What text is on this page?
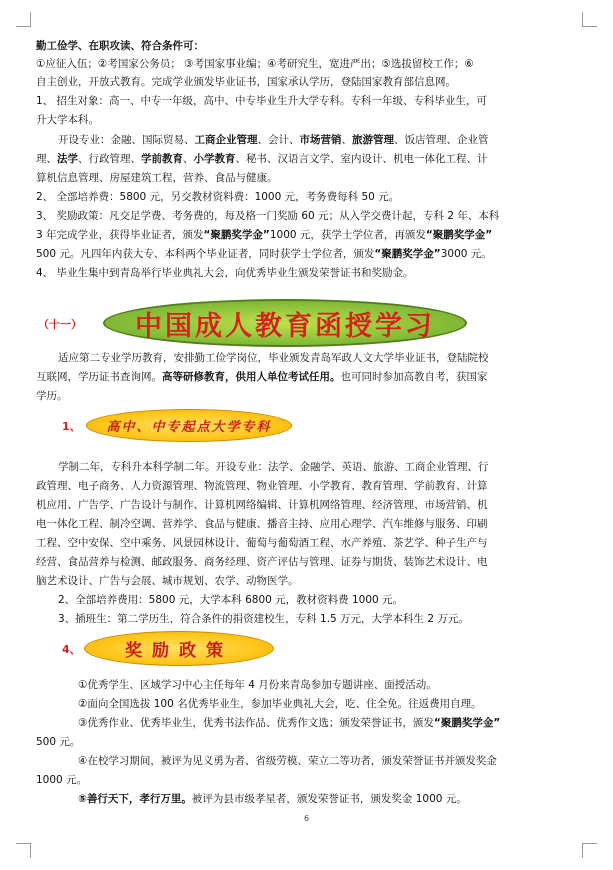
勤工俭学、在职攻读、符合条件可：
①应征入伍；②考国家公务员； ③考国家事业编；④考研究生，宽进严出；⑤选拔留校工作；⑥
自主创业，开放式教育。完成学业颁发毕业证书，国家承认学历，登陆国家教育部信息网。
1、 招生对象：高一、中专一年级，高中、中专毕业生升大学专科。专科一年级、专科毕业生，可
升大学本科。
开设专业：金融、国际贸易、工商企业管理、会计、市场营销、旅游管理、饭店管理、企业管
理、法学、行政管理、学前教育、小学教育、秘书、汉语言文学、室内设计、机电一体化工程、计
算机信息管理、房屋建筑工程，营养、食品与健康。
2、 全部培养费：5800 元，另交教材资料费：1000 元，考务费每科 50 元。
3、 奖励政策：凡交足学费、考务费的，每及格一门奖励 60 元；从入学交费计起，专科 2 年、本科
3 年完成学业，获得毕业证者，颁发“聚鹏奖学金”1000 元，获学士学位者，再颁发“聚鹏奖学金”
500 元。凡四年内获大专、本科两个毕业证者，同时获学士学位者，颁发“聚鹏奖学金”3000 元。
4、 毕业生集中到青岛举行毕业典礼大会，向优秀毕业生颁发荣誉证书和奖励金。
（十一） 中国成人教育函授学习
适应第二专业学历教育，安排勤工俭学岗位，毕业颁发青岛军政人文大学毕业证书，登陆院校
互联网，学历证书查询网。高等研修教育，供用人单位考试任用。也可同时参加高教自考，获国家
学历。
1、 高中、中专起点大学专科
学制二年，专科升本科学制二年。开设专业：法学、金融学、英语、旅游、工商企业管理、行
政管理、电子商务、人力资源管理、物流管理、物业管理、小学教育、教育管理、学前教育、计算
机应用、广告学、广告设计与制作、计算机网络编辑、计算机网络管理、经济管理、市场营销、机
电一体化工程、制冷空调、营养学、食品与健康、播音主持、应用心理学、汽车维修与服务、印刷
工程、空中安保、空中乘务、风景园林设计、葡萄与葡萄酒工程、水产养殖、茶艺学、种子生产与
经营、食品营养与检测、邮政服务、商务经理、资产评估与管理、证券与期货、装饰艺术设计、电
脑艺术设计、广告与会展、城市规划、农学、动物医学。
2、全部培养费用：5800 元，大学本科 6800 元，教材资料费 1000 元。
3、插班生：第二学历生，符合条件的捐资建校生，专科 1.5 万元，大学本科生 2 万元。
4、	奖励政策
①优秀学生、区域学习中心主任每年 4 月份来青岛参加专题讲座、面授活动。
②面向全国选拔 100 名优秀毕业生，参加毕业典礼大会，吃、住全免。往返费用自理。
③优秀作业、优秀毕业生，优秀书法作品、优秀作文选；颁发荣誉证书，颁发“聚鹏奖学金”
500 元。
④在校学习期间，被评为见义勇为者、省级劳模、荣立二等功者，颁发荣誉证书并颁发奖金
1000 元。
⑤善行天下，孝行万里。被评为县市级孝星者，颁发荣誉证书，颁发奖金 1000 元。
6
